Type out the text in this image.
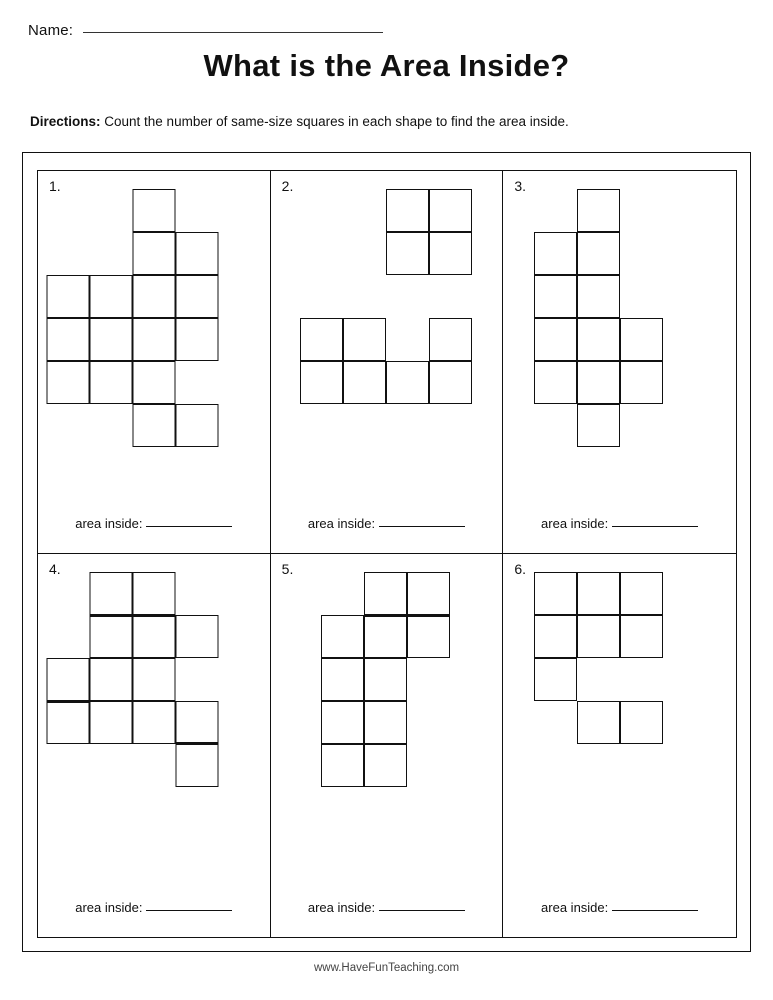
Name:
What is the Area Inside?
Directions: Count the number of same-size squares in each shape to find the area inside.
1.
area inside:
2.
area inside:
3.
area inside:
4.
area inside:
5.
area inside:
6.
area inside:
www.HaveFunTeaching.com
